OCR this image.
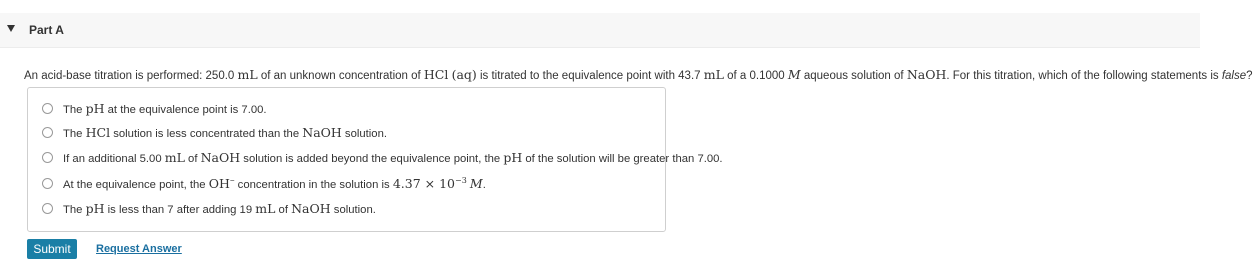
Part A
An acid-base titration is performed: 250.0 mL of an unknown concentration of HCl (aq) is titrated to the equivalence point with 43.7 mL of a 0.1000 M aqueous solution of NaOH. For this titration, which of the following statements is false?
The pH at the equivalence point is 7.00.
The HCl solution is less concentrated than the NaOH solution.
If an additional 5.00 mL of NaOH solution is added beyond the equivalence point, the pH of the solution will be greater than 7.00.
At the equivalence point, the OH− concentration in the solution is $4.37 \times 10^{-3}$ M.
The pH is less than 7 after adding 19 mL of NaOH solution.
Submit	Request Answer
